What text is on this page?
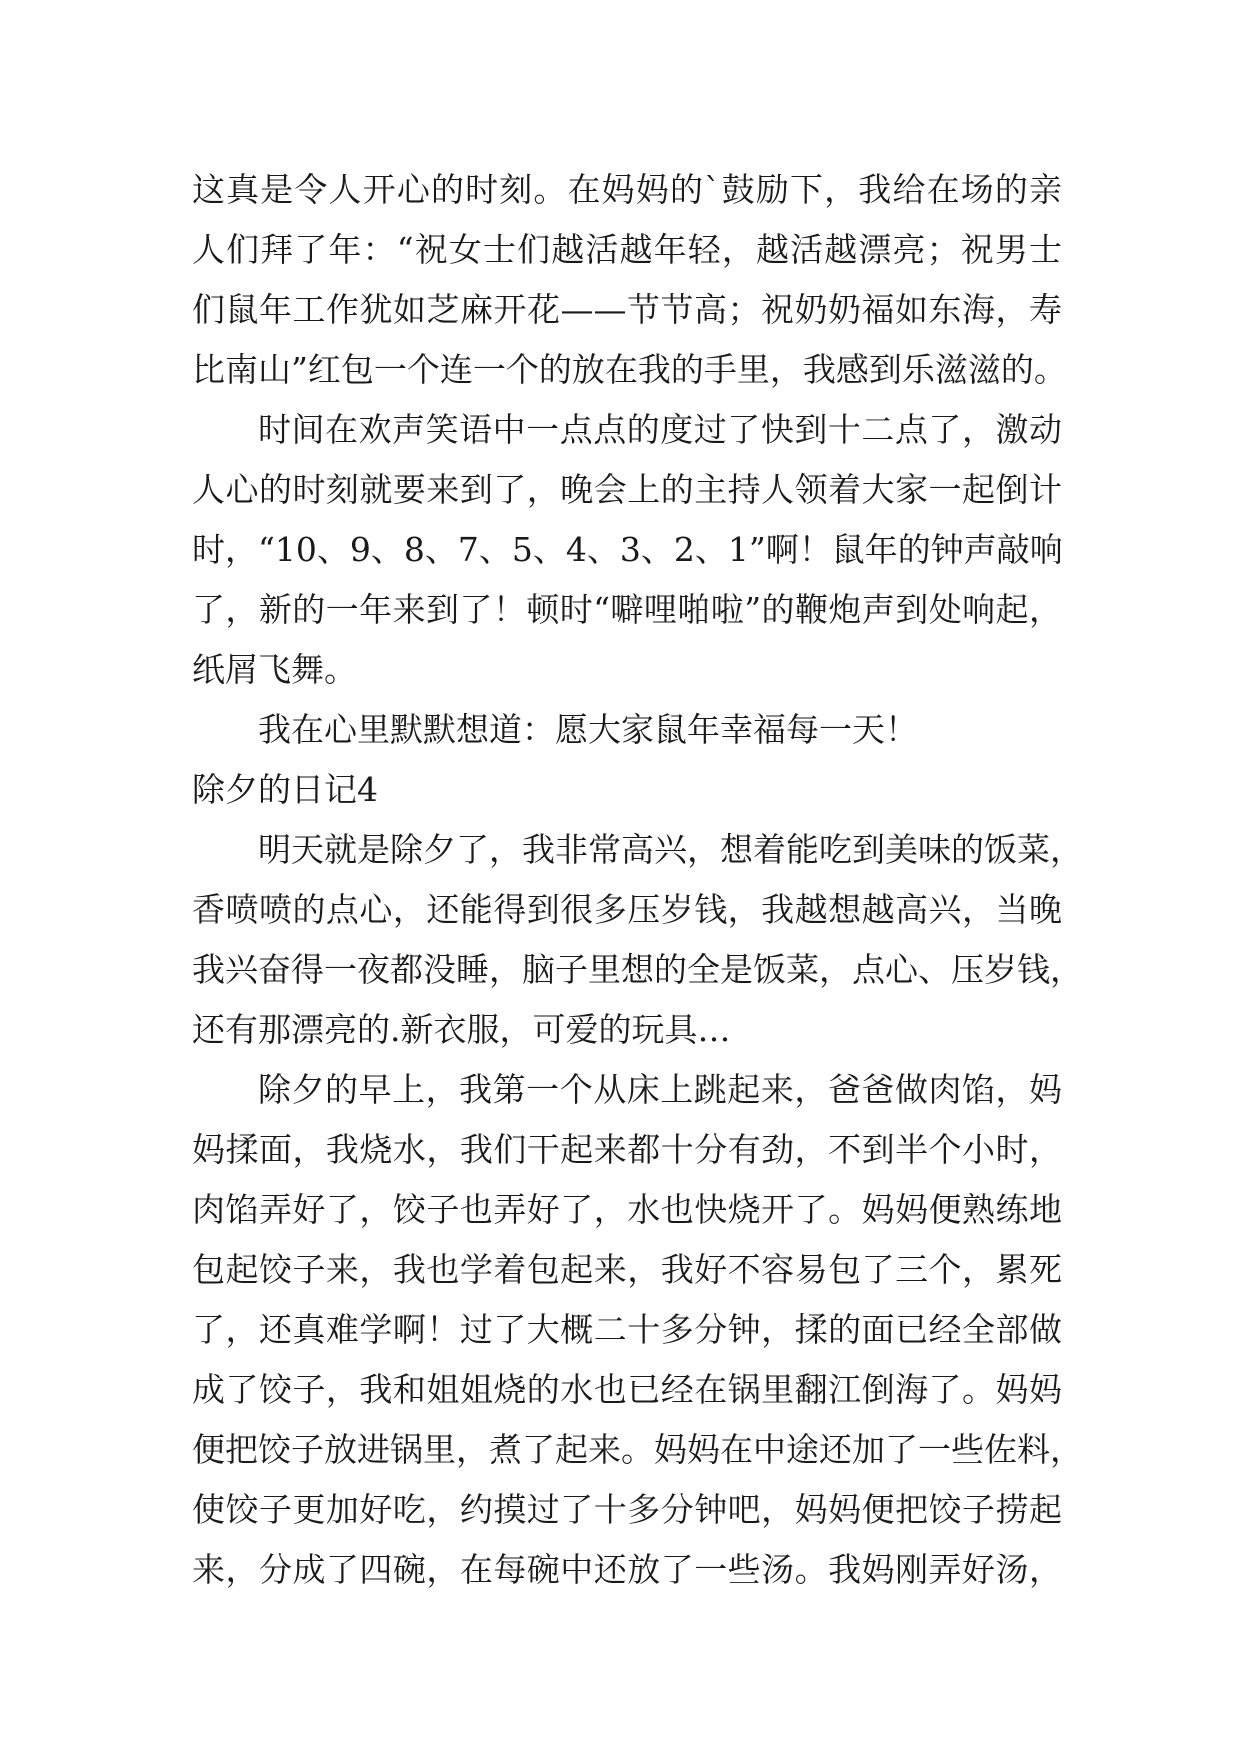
这真是令人开心的时刻。在妈妈的`鼓励下，我给在场的亲
人们拜了年：“祝女士们越活越年轻，越活越漂亮；祝男士
们鼠年工作犹如芝麻开花——节节高；祝奶奶福如东海，寿
比南山”红包一个连一个的放在我的手里，我感到乐滋滋的。
时间在欢声笑语中一点点的度过了快到十二点了，激动
人心的时刻就要来到了，晚会上的主持人领着大家一起倒计
时，“10、9、8、7、5、4、3、2、1”啊！鼠年的钟声敲响
了，新的一年来到了！顿时“噼哩啪啦”的鞭炮声到处响起，
纸屑飞舞。
我在心里默默想道：愿大家鼠年幸福每一天！
除夕的日记4
明天就是除夕了，我非常高兴，想着能吃到美味的饭菜，
香喷喷的点心，还能得到很多压岁钱，我越想越高兴，当晚
我兴奋得一夜都没睡，脑子里想的全是饭菜，点心、压岁钱，
还有那漂亮的.新衣服，可爱的玩具…
除夕的早上，我第一个从床上跳起来，爸爸做肉馅，妈
妈揉面，我烧水，我们干起来都十分有劲，不到半个小时，
肉馅弄好了，饺子也弄好了，水也快烧开了。妈妈便熟练地
包起饺子来，我也学着包起来，我好不容易包了三个，累死
了，还真难学啊！过了大概二十多分钟，揉的面已经全部做
成了饺子，我和姐姐烧的水也已经在锅里翻江倒海了。妈妈
便把饺子放进锅里，煮了起来。妈妈在中途还加了一些佐料，
使饺子更加好吃，约摸过了十多分钟吧，妈妈便把饺子捞起
来，分成了四碗，在每碗中还放了一些汤。我妈刚弄好汤，
